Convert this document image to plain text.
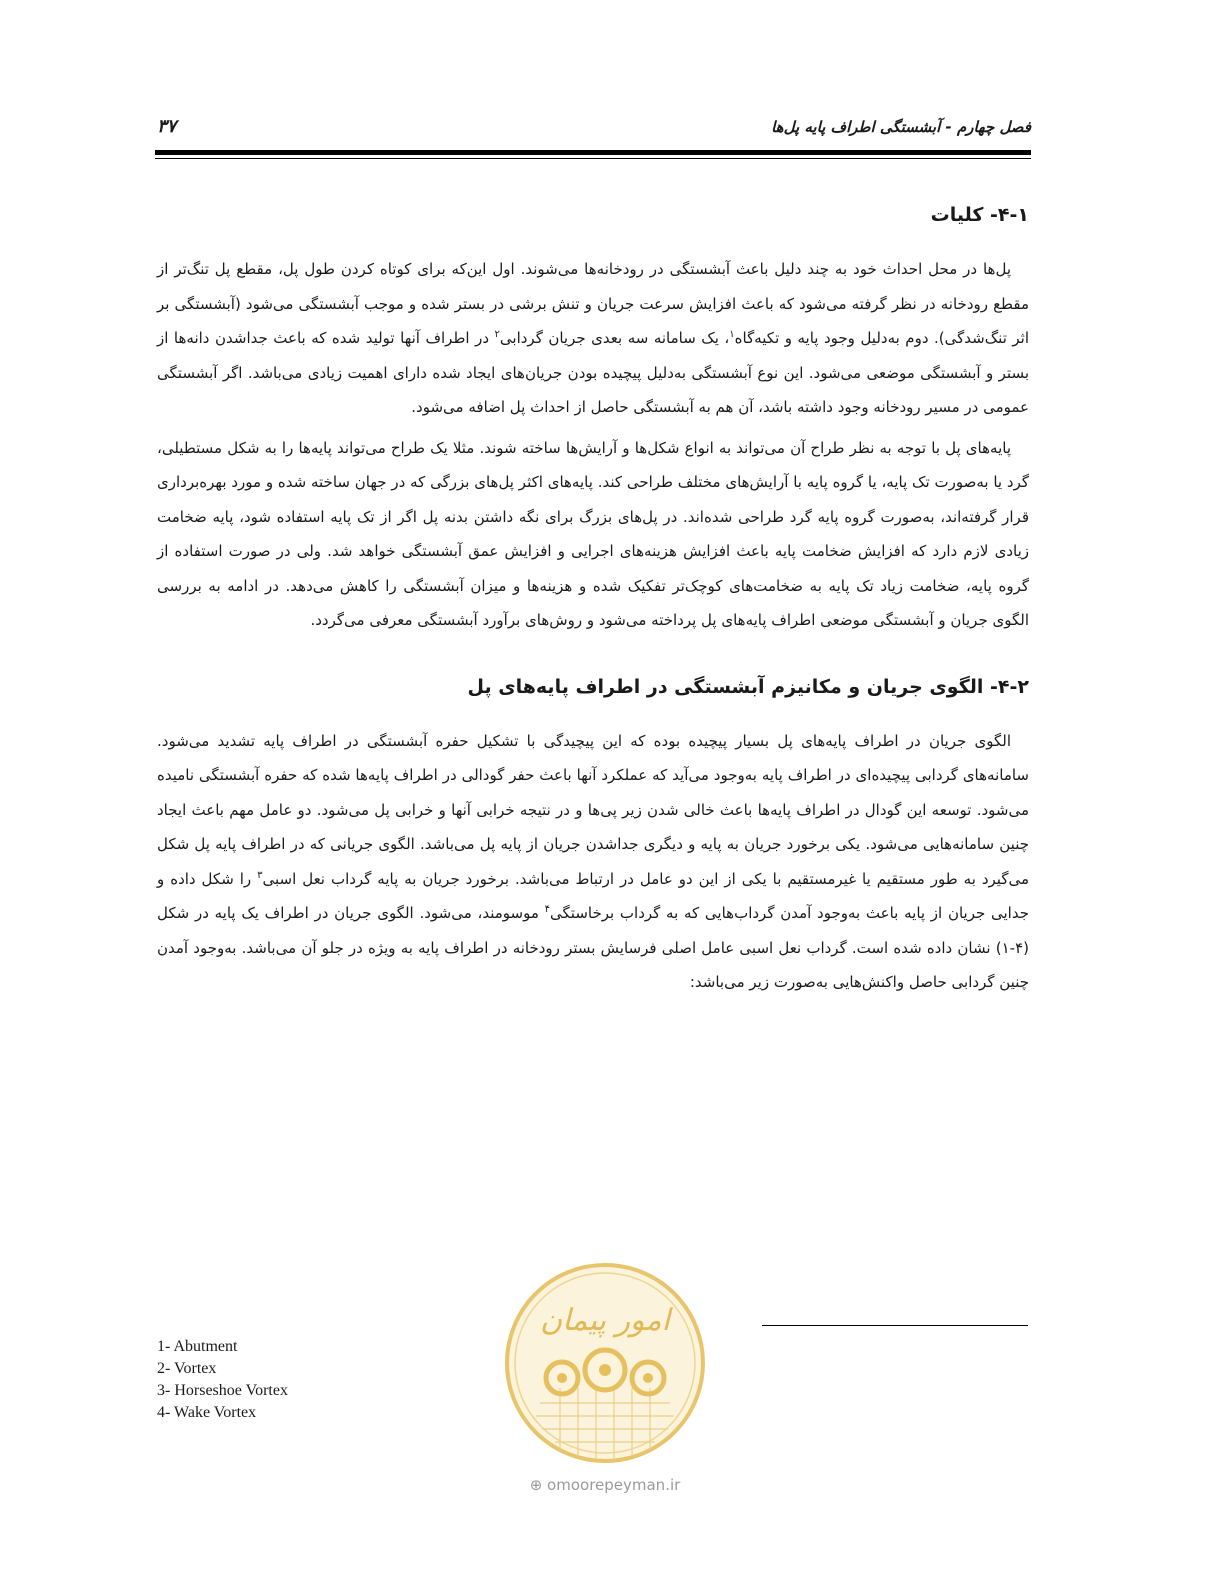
فصل چهارم - آبشستگی اطراف پایه پل‌ها
۳۷
۴-۱- کلیات

پل‌ها در محل احداث خود به چند دلیل باعث آبشستگی در رودخانه‌ها می‌شوند. اول این‌که برای کوتاه کردن طول پل، مقطع پل تنگ‌تر از مقطع رودخانه در نظر گرفته می‌شود که باعث افزایش سرعت جریان و تنش برشی در بستر شده و موجب آبشستگی می‌شود (آبشستگی بر اثر تنگ‌شدگی). دوم به‌دلیل وجود پایه و تکیه‌گاه$^۱$، یک سامانه سه بعدی جریان گردابی$^۲$ در اطراف آنها تولید شده که باعث جداشدن دانه‌ها از بستر و آبشستگی موضعی می‌شود. این نوع آبشستگی به‌دلیل پیچیده بودن جریان‌های ایجاد شده دارای اهمیت زیادی می‌باشد. اگر آبشستگی عمومی در مسیر رودخانه وجود داشته باشد، آن هم به آبشستگی حاصل از احداث پل اضافه می‌شود.

پایه‌های پل با توجه به نظر طراح آن می‌تواند به انواع شکل‌ها و آرایش‌ها ساخته شوند. مثلا یک طراح می‌تواند پایه‌ها را به شکل مستطیلی، گرد یا به‌صورت تک پایه، یا گروه پایه با آرایش‌های مختلف طراحی کند. پایه‌های اکثر پل‌های بزرگی که در جهان ساخته شده و مورد بهره‌برداری قرار گرفته‌اند، به‌صورت گروه پایه گرد طراحی شده‌اند. در پل‌های بزرگ برای نگه داشتن بدنه پل اگر از تک پایه استفاده شود، پایه ضخامت زیادی لازم دارد که افزایش ضخامت پایه باعث افزایش هزینه‌های اجرایی و افزایش عمق آبشستگی خواهد شد. ولی در صورت استفاده از گروه پایه، ضخامت زیاد تک پایه به ضخامت‌های کوچک‌تر تفکیک شده و هزینه‌ها و میزان آبشستگی را کاهش می‌دهد. در ادامه به بررسی الگوی جریان و آبشستگی موضعی اطراف پایه‌های پل پرداخته می‌شود و روش‌های برآورد آبشستگی معرفی می‌گردد.

۴-۲- الگوی جریان و مکانیزم آبشستگی در اطراف پایه‌های پل

الگوی جریان در اطراف پایه‌های پل بسیار پیچیده بوده که این پیچیدگی با تشکیل حفره آبشستگی در اطراف پایه تشدید می‌شود. سامانه‌های گردابی پیچیده‌ای در اطراف پایه به‌وجود می‌آید که عملکرد آنها باعث حفر گودالی در اطراف پایه‌ها شده که حفره آبشستگی نامیده می‌شود. توسعه این گودال در اطراف پایه‌ها باعث خالی شدن زیر پی‌ها و در نتیجه خرابی آنها و خرابی پل می‌شود. دو عامل مهم باعث ایجاد چنین سامانه‌هایی می‌شود. یکی برخورد جریان به پایه و دیگری جداشدن جریان از پایه پل می‌باشد. الگوی جریانی که در اطراف پایه پل شکل می‌گیرد به طور مستقیم یا غیرمستقیم با یکی از این دو عامل در ارتباط می‌باشد. برخورد جریان به پایه گرداب نعل اسبی$^۳$ را شکل داده و جدایی جریان از پایه باعث به‌وجود آمدن گرداب‌هایی که به گرداب برخاستگی$^۴$ موسومند، می‌شود. الگوی جریان در اطراف یک پایه در شکل (۴-۱) نشان داده شده است. گرداب نعل اسبی عامل اصلی فرسایش بستر رودخانه در اطراف پایه به ویژه در جلو آن می‌باشد. به‌وجود آمدن چنین گردابی حاصل واکنش‌هایی به‌صورت زیر می‌باشد:

1- Abutment
2- Vortex
3- Horseshoe Vortex
4- Wake Vortex
امور پیمان
⊕ omoorepeyman.ir
